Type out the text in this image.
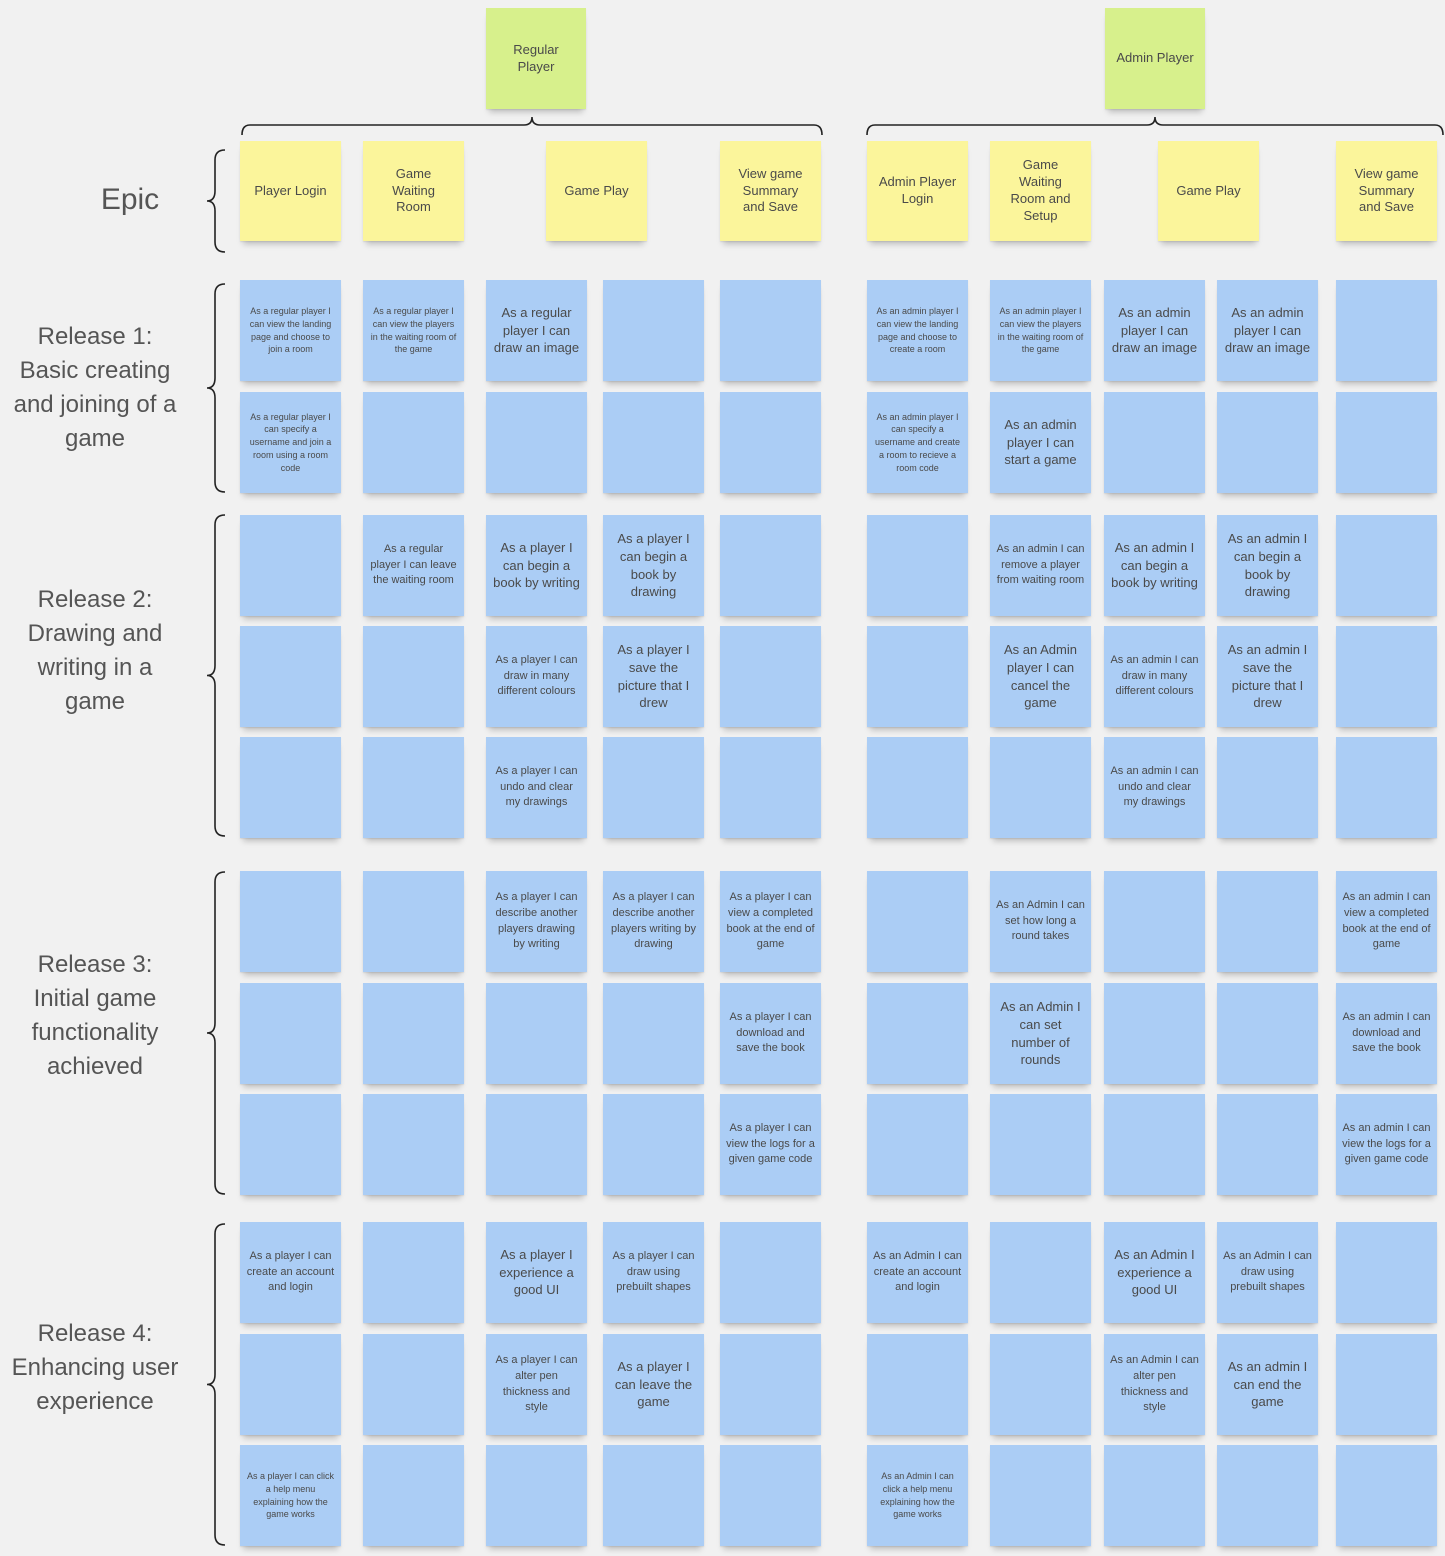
Regular
Player
Admin Player
Player Login
Game
Waiting
Room
Game Play
View game
Summary
and Save
Admin Player
Login
Game
Waiting
Room and
Setup
Game Play
View game
Summary
and Save
As a regular player I can view the landing page and choose to join a room
As a regular player I can view the players in the waiting room of the game
As a regular player I can draw an image
As an admin player I can view the landing page and choose to create a room
As an admin player I can view the players in the waiting room of the game
As an admin player I can draw an image
As an admin player I can draw an image
As a regular player I can specify a username and join a room using a room code
As an admin player I can specify a username and create a room to recieve a room code
As an admin player I can start a game
As a regular player I can leave the waiting room
As a player I can begin a book by writing
As a player I can begin a book by drawing
As an admin I can remove a player from waiting room
As an admin I can begin a book by writing
As an admin I can begin a book by drawing
As a player I can draw in many different colours
As a player I save the picture that I drew
As an Admin player I can cancel the game
As an admin I can draw in many different colours
As an admin I save the picture that I drew
As a player I can undo and clear my drawings
As an admin I can undo and clear my drawings
As a player I can describe another players drawing by writing
As a player I can describe another players writing by drawing
As a player I can view a completed book at the end of game
As an Admin I can set how long a round takes
As an admin I can view a completed book at the end of game
As a player I can download and save the book
As an Admin I can set number of rounds
As an admin I can download and save the book
As a player I can view the logs for a given game code
As an admin I can view the logs for a given game code
As a player I can create an account and login
As a player I experience a good UI
As a player I can draw using prebuilt shapes
As an Admin I can create an account and login
As an Admin I experience a good UI
As an Admin I can draw using prebuilt shapes
As a player I can alter pen thickness and style
As a player I can leave the game
As an Admin I can alter pen thickness and style
As an admin I can end the game
As a player I can click a help menu explaining how the game works
As an Admin I can click a help menu explaining how the game works
Epic
Release 1:
Basic creating
and joining of a
game
Release 2:
Drawing and
writing in a
game
Release 3:
Initial game
functionality
achieved
Release 4:
Enhancing user
experience
